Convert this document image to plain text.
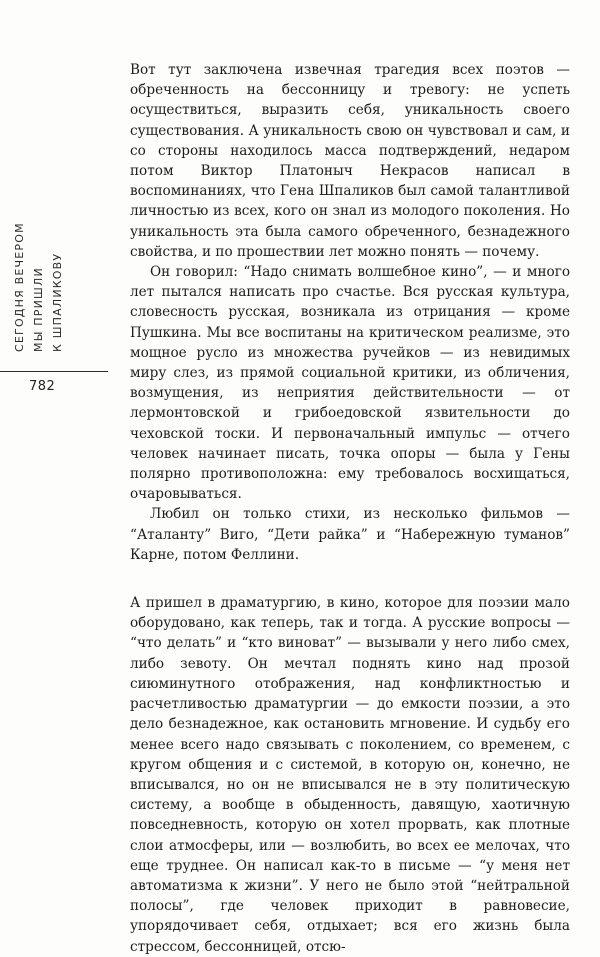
СЕГОДНЯ ВЕЧЕРОМ МЫ ПРИШЛИ К ШПАЛИКОВУ
782

Вот тут заключена извечная трагедия всех поэтов — обреченность на бессонницу и тревогу: не успеть осуществиться, выразить себя, уникальность своего существования. А уникальность свою он чувствовал и сам, и со стороны находилось масса подтверждений, недаром потом Виктор Платоныч Некрасов написал в воспоминаниях, что Гена Шпаликов был самой талантливой личностью из всех, кого он знал из молодого поколения. Но уникальность эта была самого обреченного, безнадежного свойства, и по прошествии лет можно понять — почему.

Он говорил: “Надо снимать волшебное кино”, — и много лет пытался написать про счастье. Вся русская культура, словесность русская, возникала из отрицания — кроме Пушкина. Мы все воспитаны на критическом реализме, это мощное русло из множества ручейков — из невидимых миру слез, из прямой социальной критики, из обличения, возмущения, из неприятия действительности — от лермонтовской и грибоедовской язвительности до чеховской тоски. И первоначальный импульс — отчего человек начинает писать, точка опоры — была у Гены полярно противоположна: ему требовалось восхищаться, очаровываться.

Любил он только стихи, из несколько фильмов — “Аталанту” Виго, “Дети райка” и “Набережную туманов” Карне, потом Феллини.

А пришел в драматургию, в кино, которое для поэзии мало оборудовано, как теперь, так и тогда. А русские вопросы — “что делать” и “кто виноват” — вызывали у него либо смех, либо зевоту. Он мечтал поднять кино над прозой сиюминутного отображения, над конфликтностью и расчетливостью драматургии — до емкости поэзии, а это дело безнадежное, как остановить мгновение. И судьбу его менее всего надо связывать с поколением, со временем, с кругом общения и с системой, в которую он, конечно, не вписывался, но он не вписывался не в эту политическую систему, а вообще в обыденность, давящую, хаотичную повседневность, которую он хотел прорвать, как плотные слои атмосферы, или — возлюбить, во всех ее мелочах, что еще труднее. Он написал как-то в письме — “у меня нет автоматизма к жизни”. У него не было этой “нейтральной полосы”, где человек приходит в равновесие, упорядочивает себя, отдыхает; вся его жизнь была стрессом, бессонницей, отсю-
